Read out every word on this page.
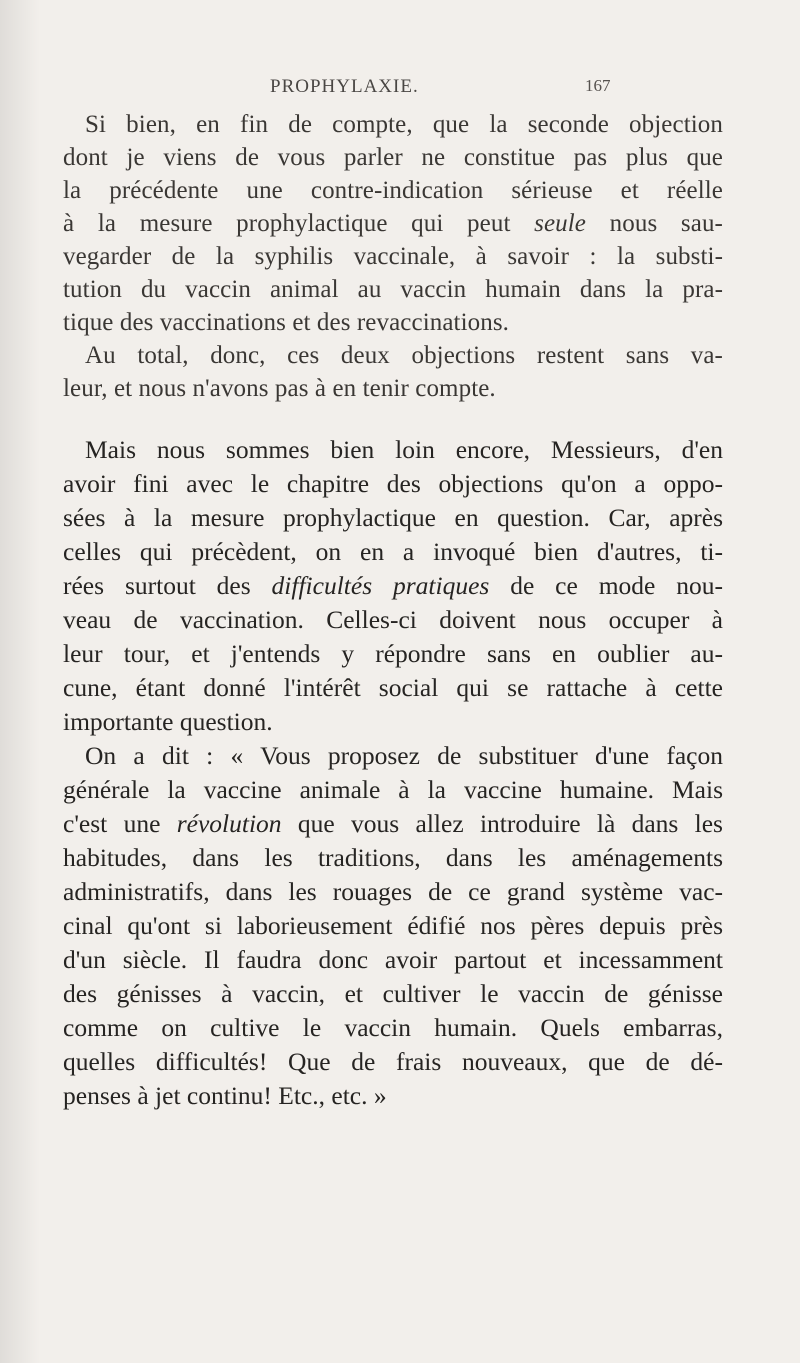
PROPHYLAXIE.	167
Si bien, en fin de compte, que la seconde objection
dont je viens de vous parler ne constitue pas plus que
la précédente une contre-indication sérieuse et réelle
à la mesure prophylactique qui peut seule nous sau-
vegarder de la syphilis vaccinale, à savoir : la substi-
tution du vaccin animal au vaccin humain dans la pra-
tique des vaccinations et des revaccinations.
Au total, donc, ces deux objections restent sans va-
leur, et nous n'avons pas à en tenir compte.
Mais nous sommes bien loin encore, Messieurs, d'en
avoir fini avec le chapitre des objections qu'on a oppo-
sées à la mesure prophylactique en question. Car, après
celles qui précèdent, on en a invoqué bien d'autres, ti-
rées surtout des difficultés pratiques de ce mode nou-
veau de vaccination. Celles-ci doivent nous occuper à
leur tour, et j'entends y répondre sans en oublier au-
cune, étant donné l'intérêt social qui se rattache à cette
importante question.
On a dit : « Vous proposez de substituer d'une façon
générale la vaccine animale à la vaccine humaine. Mais
c'est une révolution que vous allez introduire là dans les
habitudes, dans les traditions, dans les aménagements
administratifs, dans les rouages de ce grand système vac-
cinal qu'ont si laborieusement édifié nos pères depuis près
d'un siècle. Il faudra donc avoir partout et incessamment
des génisses à vaccin, et cultiver le vaccin de génisse
comme on cultive le vaccin humain. Quels embarras,
quelles difficultés! Que de frais nouveaux, que de dé-
penses à jet continu! Etc., etc. »
